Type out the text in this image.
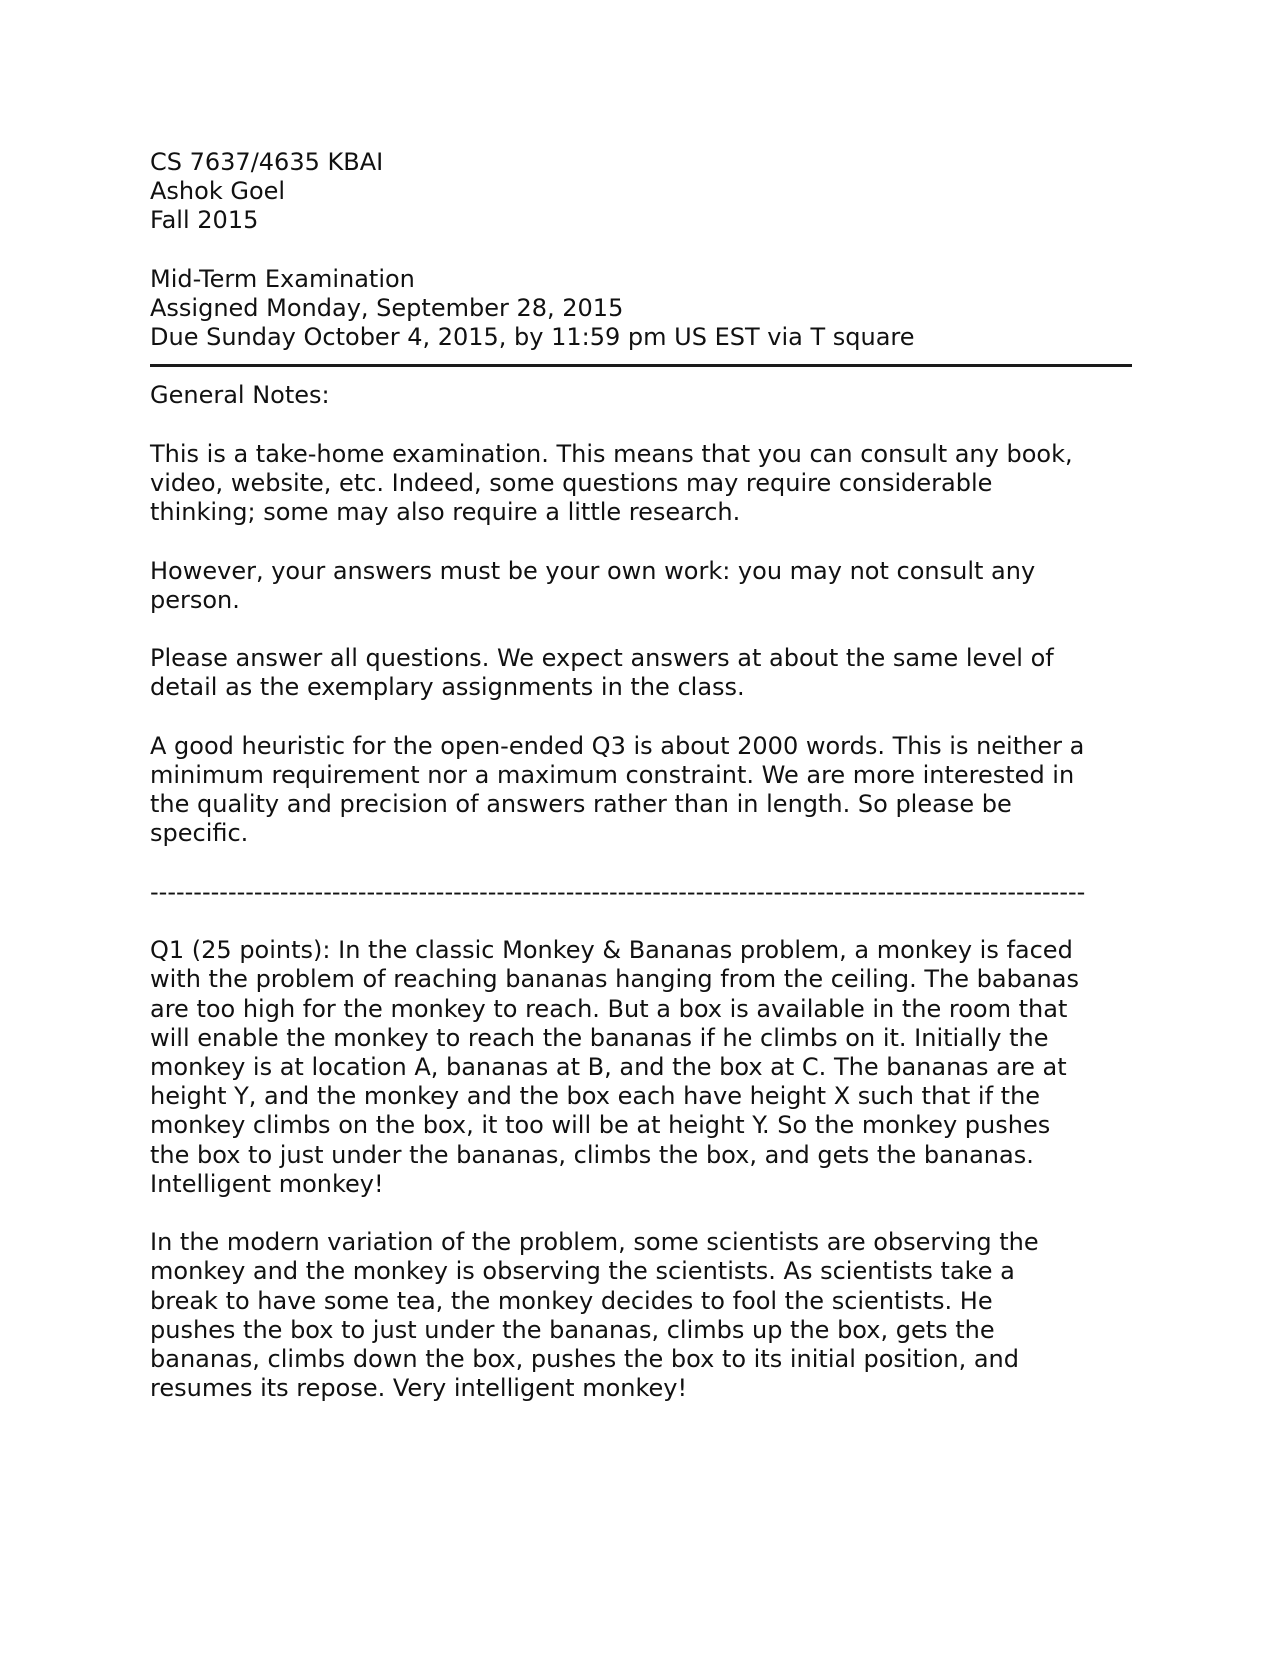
CS 7637/4635 KBAI

Ashok Goel

Fall 2015

Mid-Term Examination

Assigned Monday, September 28, 2015

Due Sunday October 4, 2015, by 11:59 pm US EST via T square

General Notes:

This is a take-home examination. This means that you can consult any book,

video, website, etc. Indeed, some questions may require considerable

thinking; some may also require a little research.

However, your answers must be your own work: you may not consult any

person.

Please answer all questions. We expect answers at about the same level of

detail as the exemplary assignments in the class.

A good heuristic for the open-ended Q3 is about 2000 words. This is neither a

minimum requirement nor a maximum constraint. We are more interested in

the quality and precision of answers rather than in length. So please be

specific.

------------------------------------------------------------------------------------------------------------

Q1 (25 points): In the classic Monkey & Bananas problem, a monkey is faced

with the problem of reaching bananas hanging from the ceiling. The babanas

are too high for the monkey to reach. But a box is available in the room that

will enable the monkey to reach the bananas if he climbs on it. Initially the

monkey is at location A, bananas at B, and the box at C. The bananas are at

height Y, and the monkey and the box each have height X such that if the

monkey climbs on the box, it too will be at height Y. So the monkey pushes

the box to just under the bananas, climbs the box, and gets the bananas.

Intelligent monkey!

In the modern variation of the problem, some scientists are observing the

monkey and the monkey is observing the scientists. As scientists take a

break to have some tea, the monkey decides to fool the scientists. He

pushes the box to just under the bananas, climbs up the box, gets the

bananas, climbs down the box, pushes the box to its initial position, and

resumes its repose. Very intelligent monkey!
